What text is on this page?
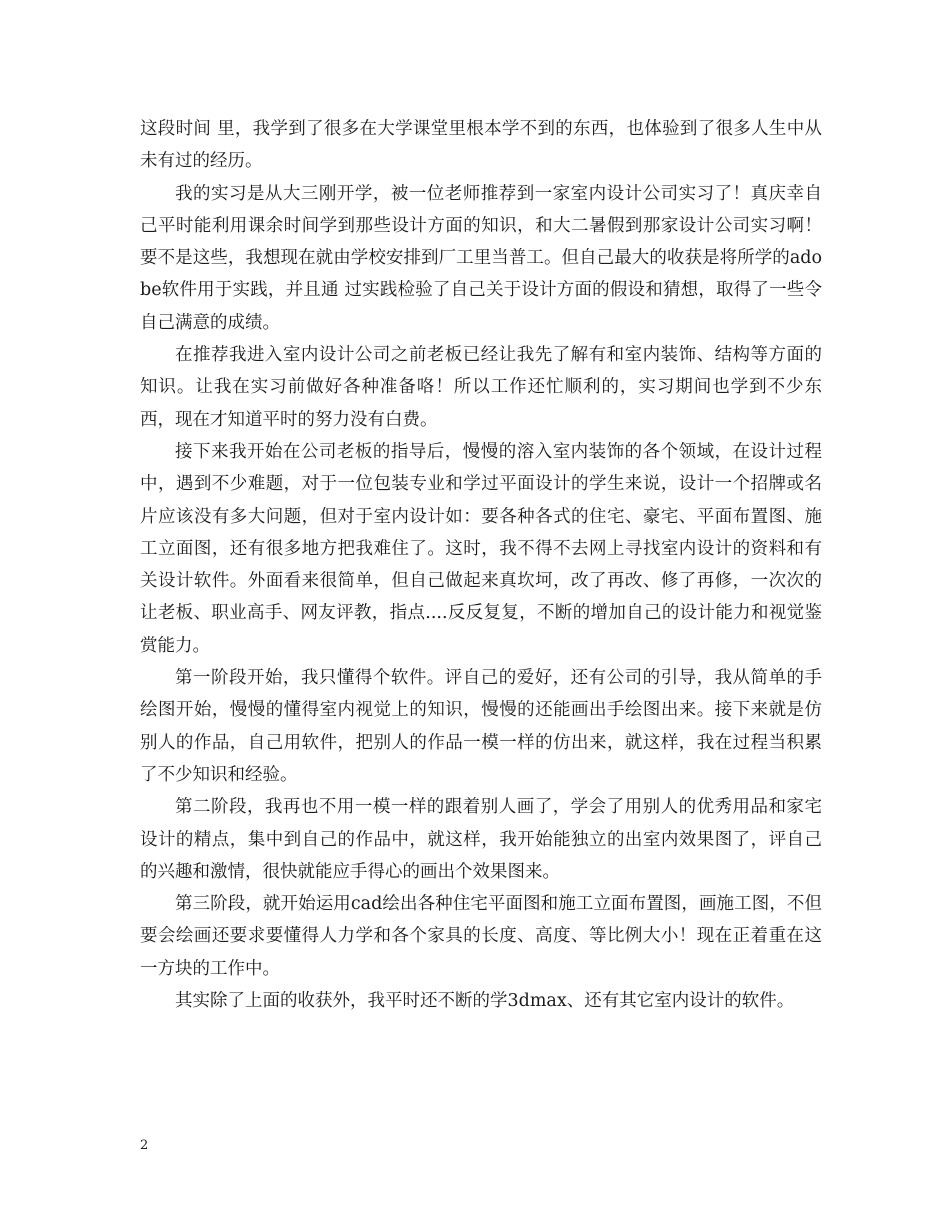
这段时间 里，我学到了很多在大学课堂里根本学不到的东西，也体验到了很多人生中从未有过的经历。

我的实习是从大三刚开学，被一位老师推荐到一家室内设计公司实习了！真庆幸自己平时能利用课余时间学到那些设计方面的知识，和大二暑假到那家设计公司实习啊！要不是这些，我想现在就由学校安排到厂工里当普工。但自己最大的收获是将所学的adobe软件用于实践，并且通 过实践检验了自己关于设计方面的假设和猜想，取得了一些令自己满意的成绩。

在推荐我进入室内设计公司之前老板已经让我先了解有和室内装饰、结构等方面的知识。让我在实习前做好各种准备咯！所以工作还忙顺利的，实习期间也学到不少东西，现在才知道平时的努力没有白费。

接下来我开始在公司老板的指导后，慢慢的溶入室内装饰的各个领域，在设计过程中，遇到不少难题，对于一位包装专业和学过平面设计的学生来说，设计一个招牌或名片应该没有多大问题，但对于室内设计如：要各种各式的住宅、豪宅、平面布置图、施工立面图，还有很多地方把我难住了。这时，我不得不去网上寻找室内设计的资料和有关设计软件。外面看来很简单，但自己做起来真坎坷，改了再改、修了再修，一次次的让老板、职业高手、网友评教，指点....反反复复，不断的增加自己的设计能力和视觉鉴赏能力。

第一阶段开始，我只懂得个软件。评自己的爱好，还有公司的引导，我从简单的手绘图开始，慢慢的懂得室内视觉上的知识，慢慢的还能画出手绘图出来。接下来就是仿别人的作品，自己用软件，把别人的作品一模一样的仿出来，就这样，我在过程当积累了不少知识和经验。

第二阶段，我再也不用一模一样的跟着别人画了，学会了用别人的优秀用品和家宅设计的精点，集中到自己的作品中，就这样，我开始能独立的出室内效果图了，评自己的兴趣和激情，很快就能应手得心的画出个效果图来。

第三阶段，就开始运用cad绘出各种住宅平面图和施工立面布置图，画施工图，不但要会绘画还要求要懂得人力学和各个家具的长度、高度、等比例大小！现在正着重在这一方块的工作中。

其实除了上面的收获外，我平时还不断的学3dmax、还有其它室内设计的软件。

2
